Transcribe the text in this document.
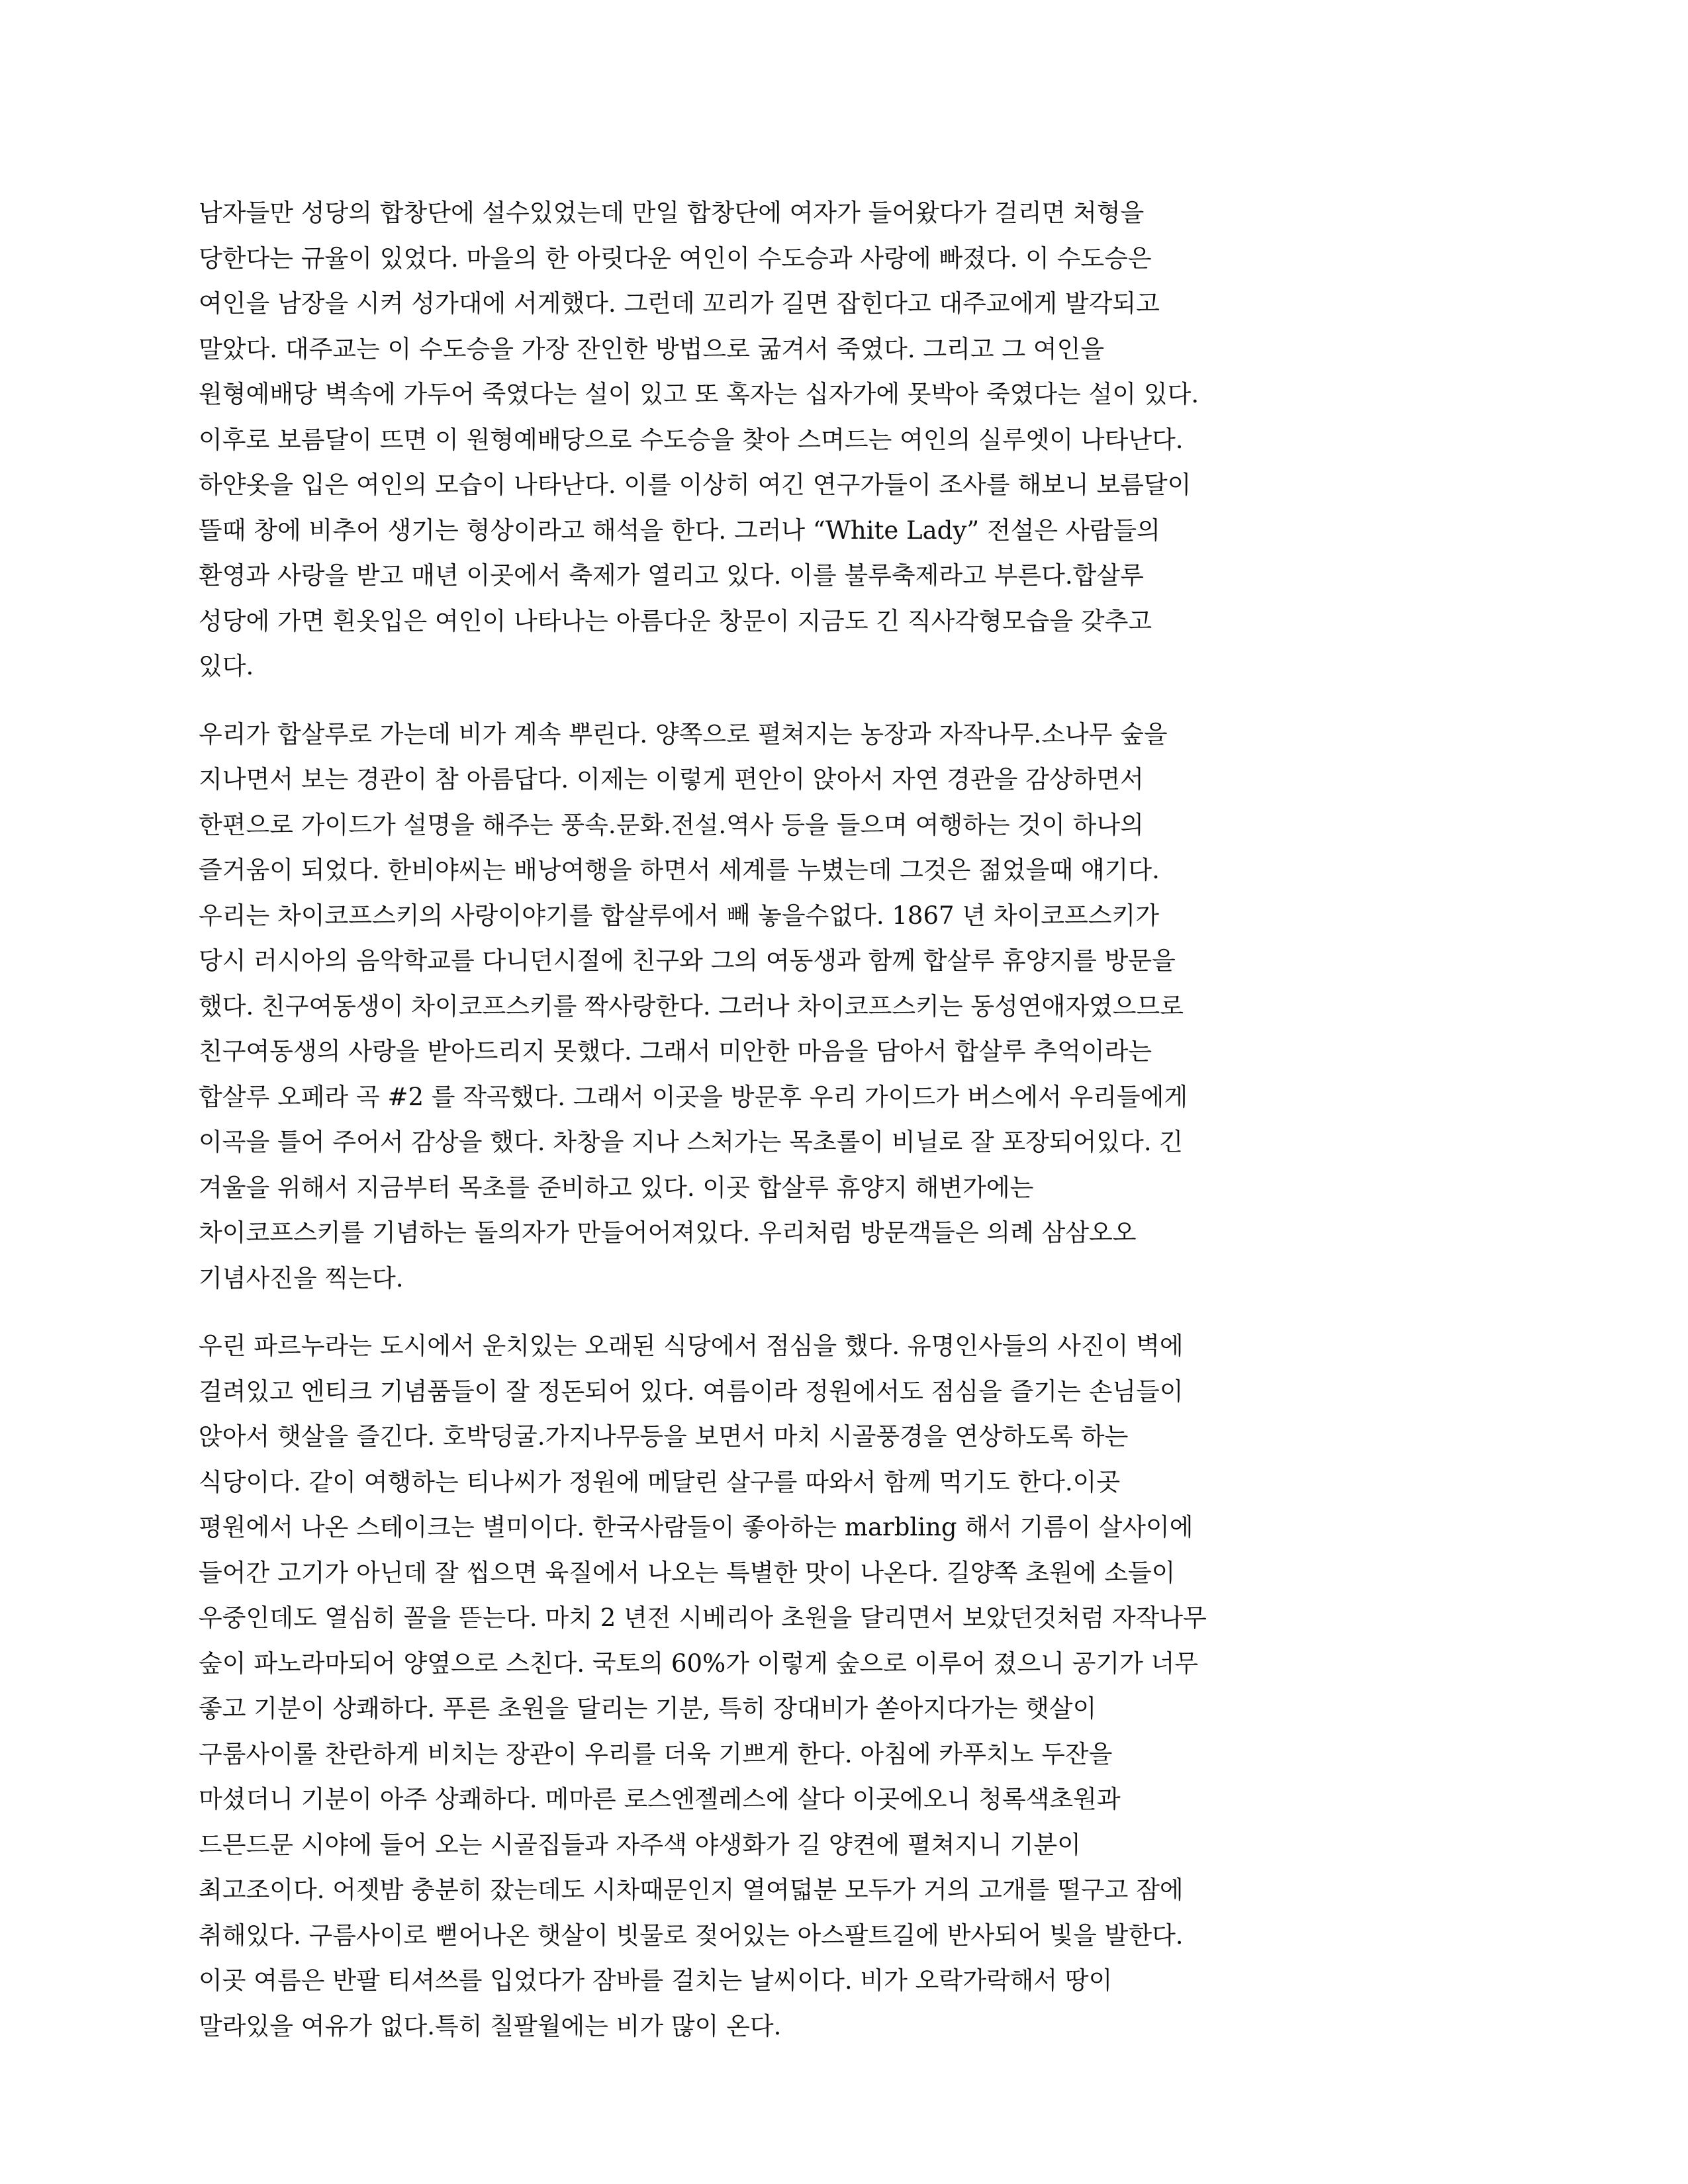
남자들만 성당의 합창단에 설수있었는데 만일 합창단에 여자가 들어왔다가 걸리면 처형을
당한다는 규율이 있었다. 마을의 한 아릿다운 여인이 수도승과 사랑에 빠졌다. 이 수도승은
여인을 남장을 시켜 성가대에 서게했다. 그런데 꼬리가 길면 잡힌다고 대주교에게 발각되고
말았다. 대주교는 이 수도승을 가장 잔인한 방법으로 굶겨서 죽였다. 그리고 그 여인을
원형예배당 벽속에 가두어 죽였다는 설이 있고 또 혹자는 십자가에 못박아 죽였다는 설이 있다.
이후로 보름달이 뜨면 이 원형예배당으로 수도승을 찾아 스며드는 여인의 실루엣이 나타난다.
하얀옷을 입은 여인의 모습이 나타난다. 이를 이상히 여긴 연구가들이 조사를 해보니 보름달이
뜰때 창에 비추어 생기는 형상이라고 해석을 한다. 그러나 “White Lady” 전설은 사람들의
환영과 사랑을 받고 매년 이곳에서 축제가 열리고 있다. 이를 불루축제라고 부른다.합살루
성당에 가면 흰옷입은 여인이 나타나는 아름다운 창문이 지금도 긴 직사각형모습을 갖추고
있다.
우리가 합살루로 가는데 비가 계속 뿌린다. 양쪽으로 펼쳐지는 농장과 자작나무.소나무 숲을
지나면서 보는 경관이 참 아름답다. 이제는 이렇게 편안이 앉아서 자연 경관을 감상하면서
한편으로 가이드가 설명을 해주는 풍속.문화.전설.역사 등을 들으며 여행하는 것이 하나의
즐거움이 되었다. 한비야씨는 배낭여행을 하면서 세계를 누볐는데 그것은 젊었을때 얘기다.
우리는 차이코프스키의 사랑이야기를 합살루에서 빼 놓을수없다. 1867 년 차이코프스키가
당시 러시아의 음악학교를 다니던시절에 친구와 그의 여동생과 함께 합살루 휴양지를 방문을
했다. 친구여동생이 차이코프스키를 짝사랑한다. 그러나 차이코프스키는 동성연애자였으므로
친구여동생의 사랑을 받아드리지 못했다. 그래서 미안한 마음을 담아서 합살루 추억이라는
합살루 오페라 곡 #2 를 작곡했다. 그래서 이곳을 방문후 우리 가이드가 버스에서 우리들에게
이곡을 틀어 주어서 감상을 했다. 차창을 지나 스처가는 목초롤이 비닐로 잘 포장되어있다. 긴
겨울을 위해서 지금부터 목초를 준비하고 있다. 이곳 합살루 휴양지 해변가에는
차이코프스키를 기념하는 돌의자가 만들어어져있다. 우리처럼 방문객들은 의례 삼삼오오
기념사진을 찍는다.
우린 파르누라는 도시에서 운치있는 오래된 식당에서 점심을 했다. 유명인사들의 사진이 벽에
걸려있고 엔티크 기념품들이 잘 정돈되어 있다. 여름이라 정원에서도 점심을 즐기는 손님들이
앉아서 햇살을 즐긴다. 호박덩굴.가지나무등을 보면서 마치 시골풍경을 연상하도록 하는
식당이다. 같이 여행하는 티나씨가 정원에 메달린 살구를 따와서 함께 먹기도 한다.이곳
평원에서 나온 스테이크는 별미이다. 한국사람들이 좋아하는 marbling 해서 기름이 살사이에
들어간 고기가 아닌데 잘 씹으면 육질에서 나오는 특별한 맛이 나온다. 길양쪽 초원에 소들이
우중인데도 열심히 꼴을 뜯는다. 마치 2 년전 시베리아 초원을 달리면서 보았던것처럼 자작나무
숲이 파노라마되어 양옆으로 스친다. 국토의 60%가 이렇게 숲으로 이루어 졌으니 공기가 너무
좋고 기분이 상쾌하다. 푸른 초원을 달리는 기분, 특히 장대비가 쏟아지다가는 햇살이
구룸사이롤 찬란하게 비치는 장관이 우리를 더욱 기쁘게 한다. 아침에 카푸치노 두잔을
마셨더니 기분이 아주 상쾌하다. 메마른 로스엔젤레스에 살다 이곳에오니 청록색초원과
드믄드문 시야에 들어 오는 시골집들과 자주색 야생화가 길 양켠에 펼쳐지니 기분이
최고조이다. 어젯밤 충분히 잤는데도 시차때문인지 열여덟분 모두가 거의 고개를 떨구고 잠에
취해있다. 구름사이로 뻗어나온 햇살이 빗물로 젖어있는 아스팔트길에 반사되어 빛을 발한다.
이곳 여름은 반팔 티셔쓰를 입었다가 잠바를 걸치는 날씨이다. 비가 오락가락해서 땅이
말라있을 여유가 없다.특히 칠팔월에는 비가 많이 온다.
